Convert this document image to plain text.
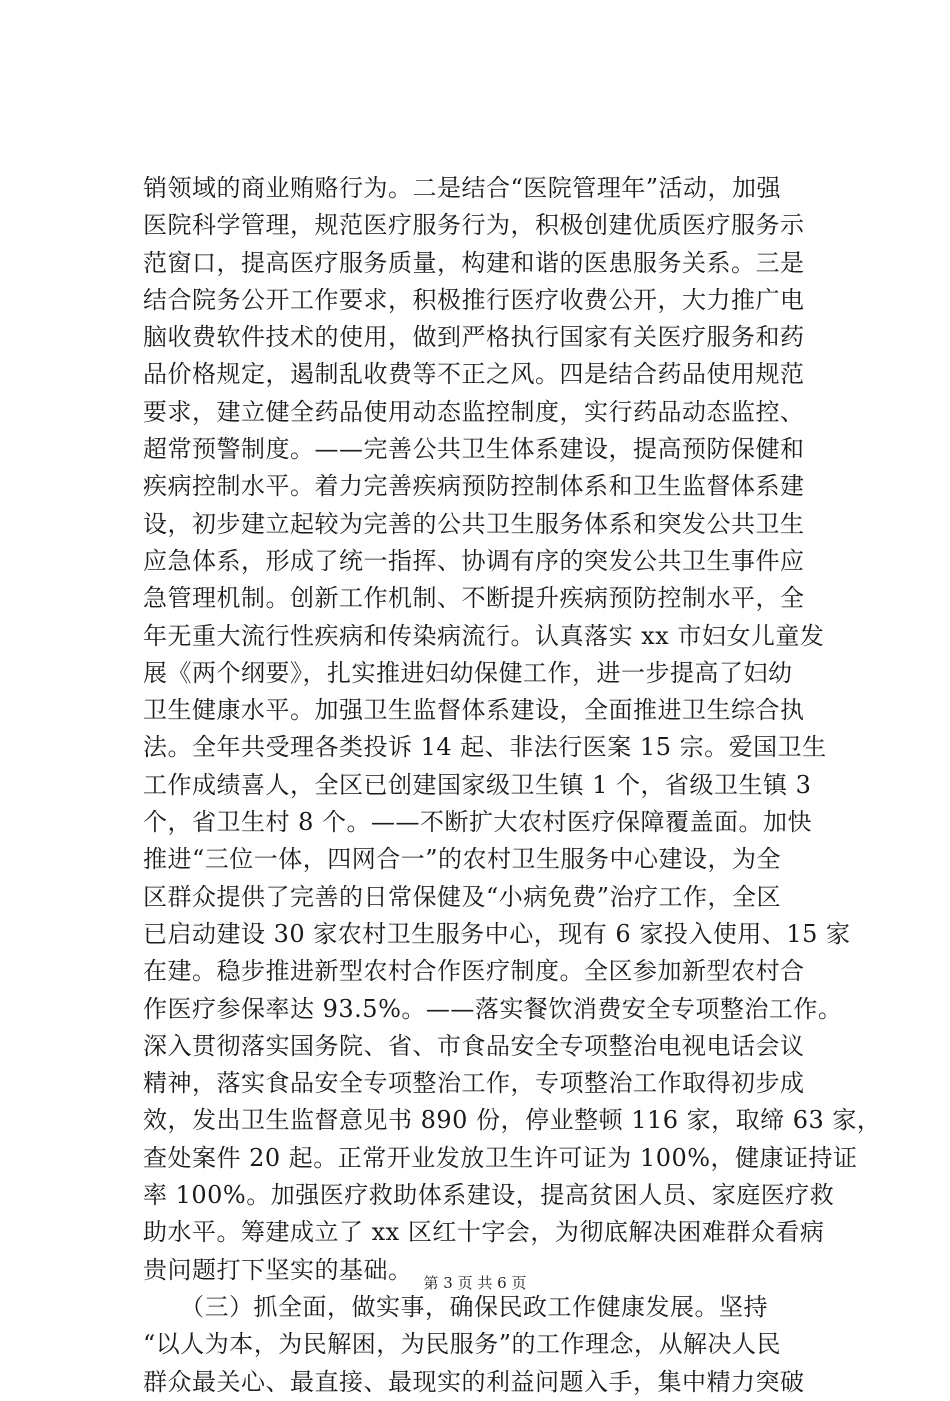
销领域的商业贿赂行为。二是结合“医院管理年”活动，加强
医院科学管理，规范医疗服务行为，积极创建优质医疗服务示
范窗口，提高医疗服务质量，构建和谐的医患服务关系。三是
结合院务公开工作要求，积极推行医疗收费公开，大力推广电
脑收费软件技术的使用，做到严格执行国家有关医疗服务和药
品价格规定，遏制乱收费等不正之风。四是结合药品使用规范
要求，建立健全药品使用动态监控制度，实行药品动态监控、
超常预警制度。——完善公共卫生体系建设，提高预防保健和
疾病控制水平。着力完善疾病预防控制体系和卫生监督体系建
设，初步建立起较为完善的公共卫生服务体系和突发公共卫生
应急体系，形成了统一指挥、协调有序的突发公共卫生事件应
急管理机制。创新工作机制、不断提升疾病预防控制水平，全
年无重大流行性疾病和传染病流行。认真落实 xx 市妇女儿童发
展《两个纲要》，扎实推进妇幼保健工作，进一步提高了妇幼
卫生健康水平。加强卫生监督体系建设，全面推进卫生综合执
法。全年共受理各类投诉 14 起、非法行医案 15 宗。爱国卫生
工作成绩喜人，全区已创建国家级卫生镇 1 个，省级卫生镇 3
个，省卫生村 8 个。——不断扩大农村医疗保障覆盖面。加快
推进“三位一体，四网合一”的农村卫生服务中心建设，为全
区群众提供了完善的日常保健及“小病免费”治疗工作，全区
已启动建设 30 家农村卫生服务中心，现有 6 家投入使用、15 家
在建。稳步推进新型农村合作医疗制度。全区参加新型农村合
作医疗参保率达 93.5%。——落实餐饮消费安全专项整治工作。
深入贯彻落实国务院、省、市食品安全专项整治电视电话会议
精神，落实食品安全专项整治工作，专项整治工作取得初步成
效，发出卫生监督意见书 890 份，停业整顿 116 家，取缔 63 家，
查处案件 20 起。正常开业发放卫生许可证为 100%，健康证持证
率 100%。加强医疗救助体系建设，提高贫困人员、家庭医疗救
助水平。筹建成立了 xx 区红十字会，为彻底解决困难群众看病
贵问题打下坚实的基础。
　　（三）抓全面，做实事，确保民政工作健康发展。坚持
“以人为本，为民解困，为民服务”的工作理念，从解决人民
群众最关心、最直接、最现实的利益问题入手，集中精力突破
第 3 页 共 6 页
